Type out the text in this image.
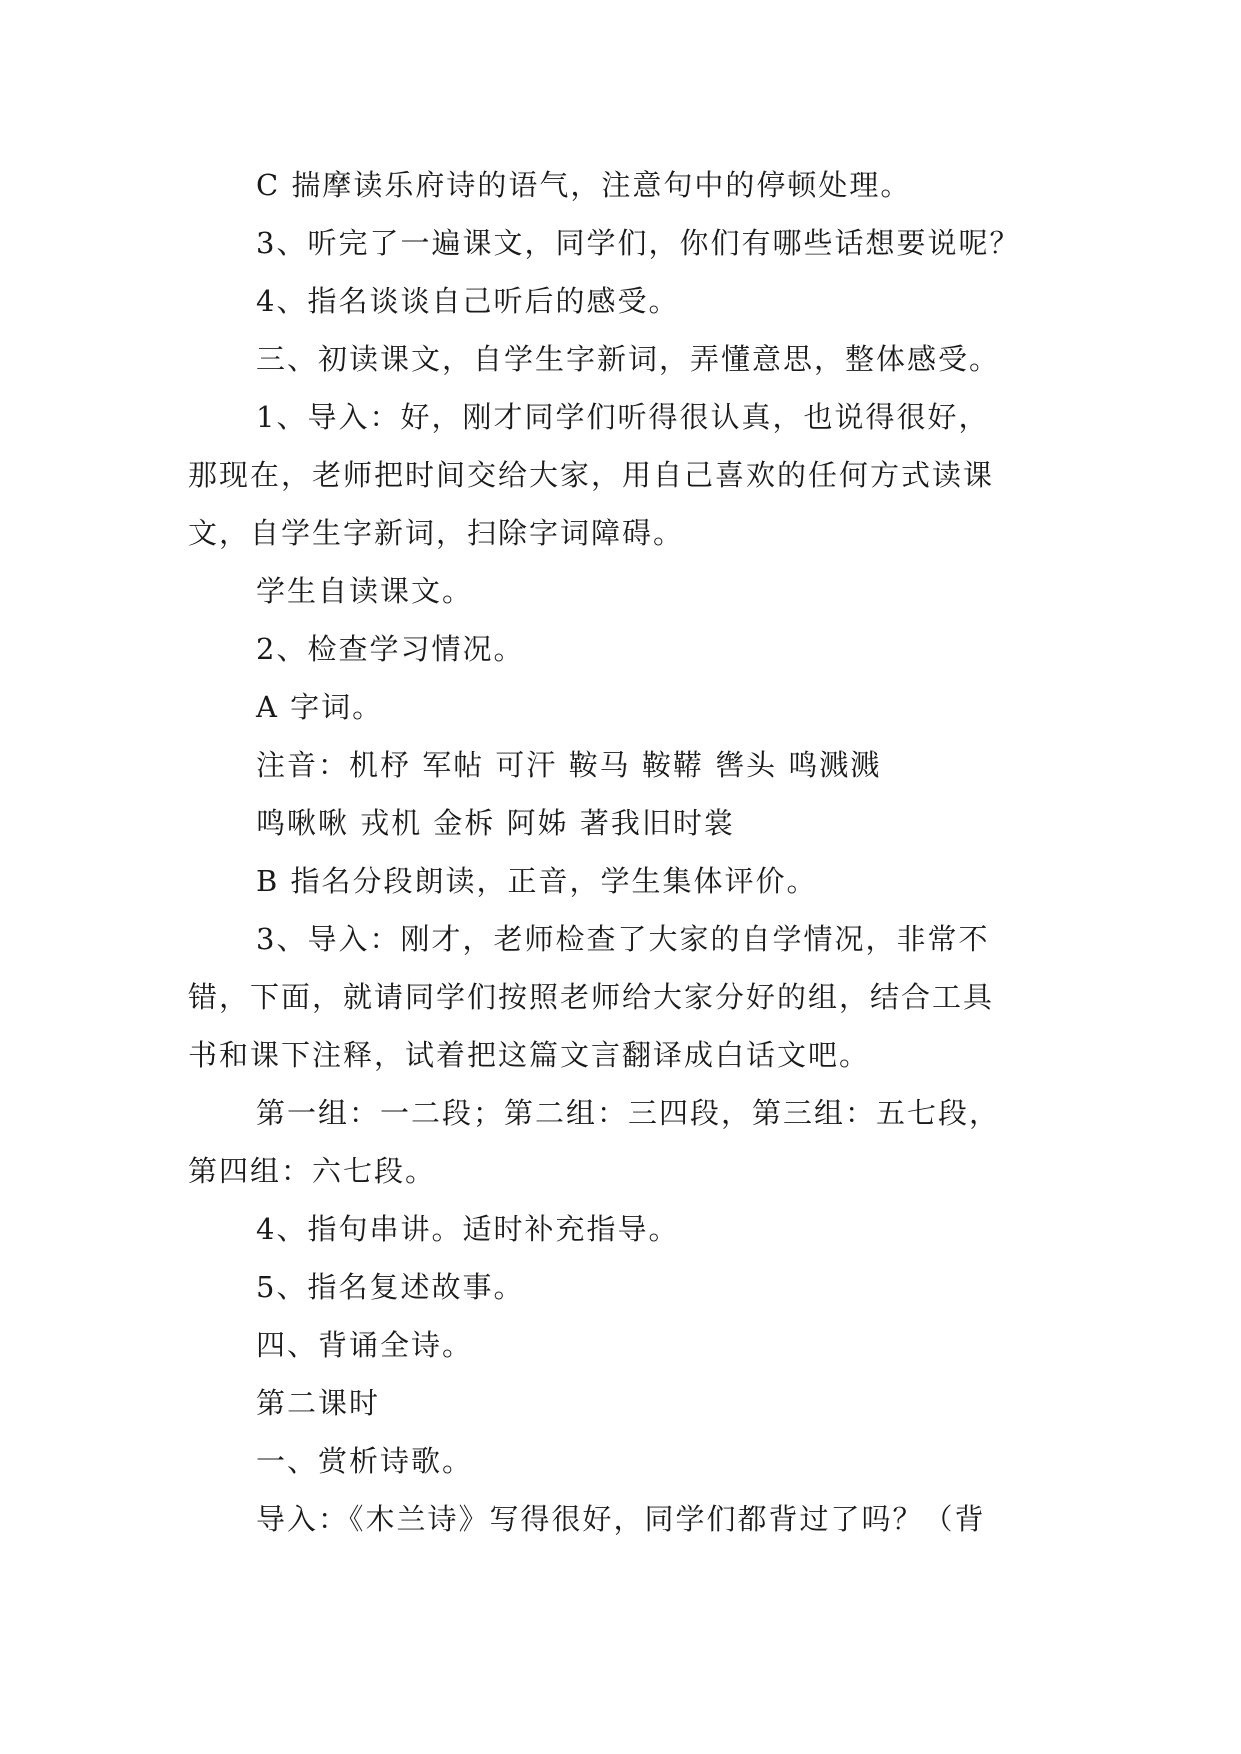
C 揣摩读乐府诗的语气，注意句中的停顿处理。
3、听完了一遍课文，同学们，你们有哪些话想要说呢？
4、指名谈谈自己听后的感受。
三、初读课文，自学生字新词，弄懂意思，整体感受。
1、导入：好，刚才同学们听得很认真，也说得很好，
那现在，老师把时间交给大家，用自己喜欢的任何方式读课
文，自学生字新词，扫除字词障碍。
学生自读课文。
2、检查学习情况。
A 字词。
注音：机杼 军帖 可汗 鞍马 鞍鞯 辔头 鸣溅溅
鸣啾啾 戎机 金柝 阿姊 著我旧时裳
B 指名分段朗读，正音，学生集体评价。
3、导入：刚才，老师检查了大家的自学情况，非常不
错，下面，就请同学们按照老师给大家分好的组，结合工具
书和课下注释，试着把这篇文言翻译成白话文吧。
第一组：一二段；第二组：三四段，第三组：五七段，
第四组：六七段。
4、指句串讲。适时补充指导。
5、指名复述故事。
四、背诵全诗。
第二课时
一、赏析诗歌。
导入：《木兰诗》写得很好，同学们都背过了吗？（背
